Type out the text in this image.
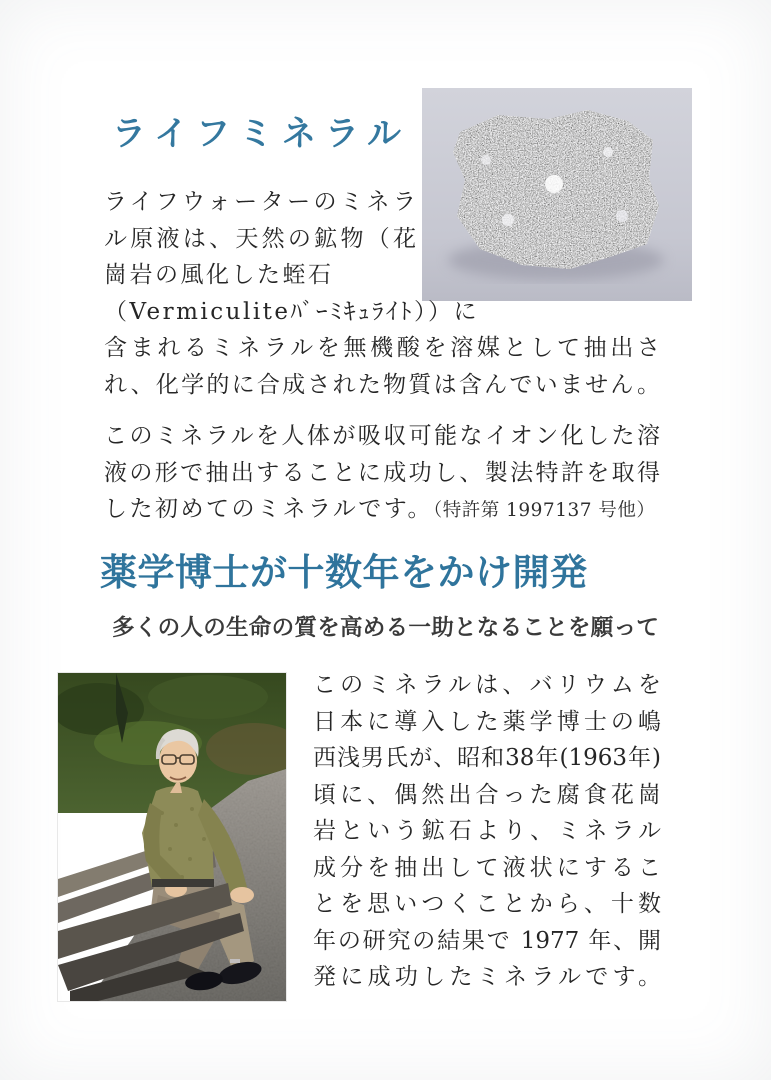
ライフミネラル
ライフウォーターのミネラ
ル原液は、天然の鉱物（花
崗岩の風化した蛭石
（Vermiculiteﾊﾞｰﾐｷｭﾗｲﾄ））に
含まれるミネラルを無機酸を溶媒として抽出さ
れ、化学的に合成された物質は含んでいません。
このミネラルを人体が吸収可能なイオン化した溶
液の形で抽出することに成功し、製法特許を取得
した初めてのミネラルです。（特許第 1997137 号他）
薬学博士が十数年をかけ開発

多くの人の生命の質を高める一助となることを願って

このミネラルは、バリウムを
日本に導入した薬学博士の嶋
西浅男氏が、昭和38年(1963年)
頃に、偶然出合った腐食花崗
岩という鉱石より、ミネラル
成分を抽出して液状にするこ
とを思いつくことから、十数
年の研究の結果で 1977 年、開
発に成功したミネラルです。
